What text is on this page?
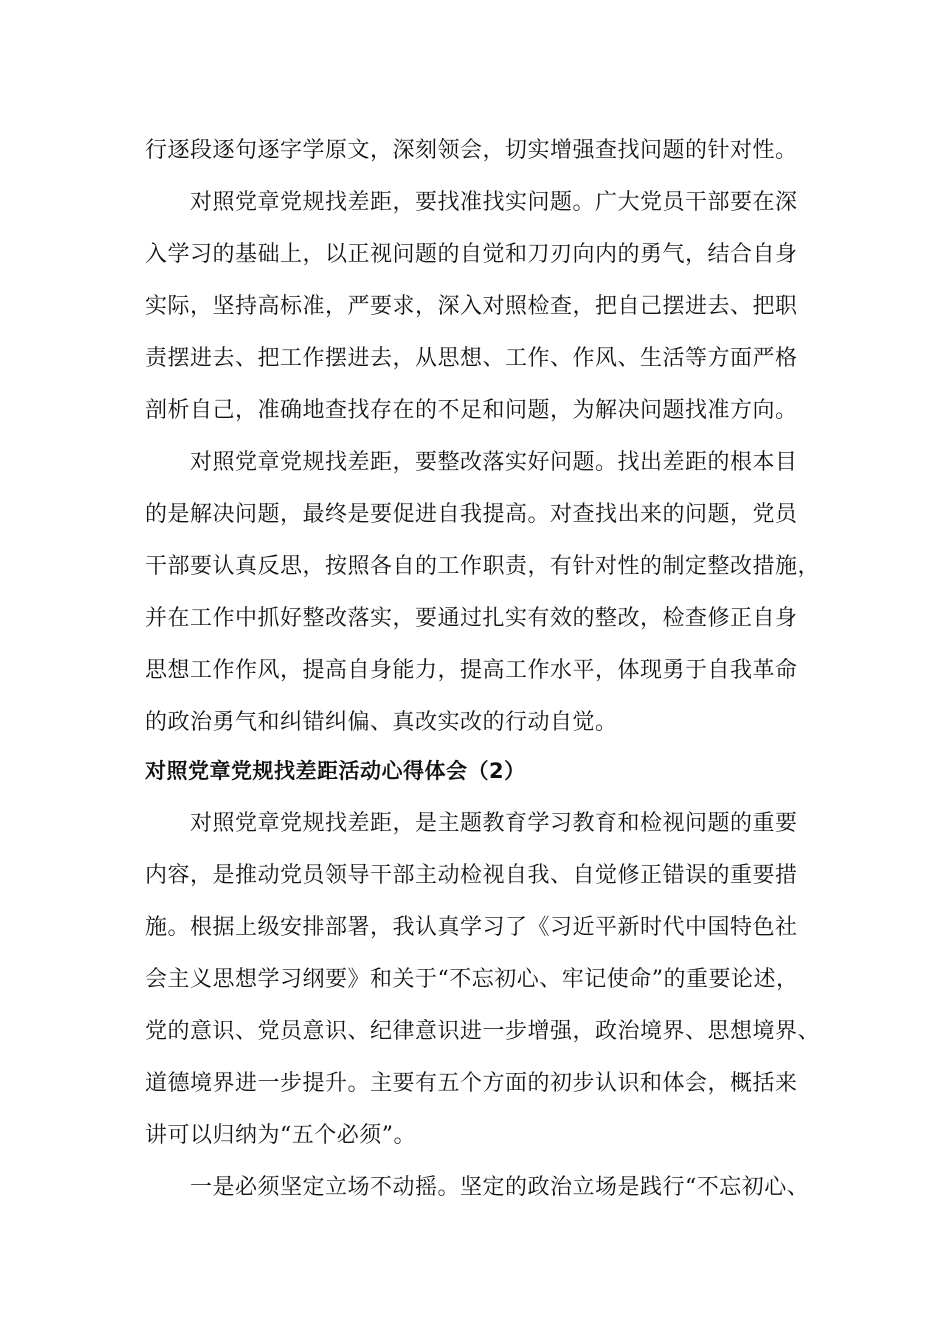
行逐段逐句逐字学原文，深刻领会，切实增强查找问题的针对性。
　　对照党章党规找差距，要找准找实问题。广大党员干部要在深
入学习的基础上，以正视问题的自觉和刀刃向内的勇气，结合自身
实际，坚持高标准，严要求，深入对照检查，把自己摆进去、把职
责摆进去、把工作摆进去，从思想、工作、作风、生活等方面严格
剖析自己，准确地查找存在的不足和问题，为解决问题找准方向。
　　对照党章党规找差距，要整改落实好问题。找出差距的根本目
的是解决问题，最终是要促进自我提高。对查找出来的问题，党员
干部要认真反思，按照各自的工作职责，有针对性的制定整改措施，
并在工作中抓好整改落实，要通过扎实有效的整改，检查修正自身
思想工作作风，提高自身能力，提高工作水平，体现勇于自我革命
的政治勇气和纠错纠偏、真改实改的行动自觉。
对照党章党规找差距活动心得体会（2）
　　对照党章党规找差距，是主题教育学习教育和检视问题的重要
内容，是推动党员领导干部主动检视自我、自觉修正错误的重要措
施。根据上级安排部署，我认真学习了《习近平新时代中国特色社
会主义思想学习纲要》和关于“不忘初心、牢记使命”的重要论述，
党的意识、党员意识、纪律意识进一步增强，政治境界、思想境界、
道德境界进一步提升。主要有五个方面的初步认识和体会，概括来
讲可以归纳为“五个必须”。
　　一是必须坚定立场不动摇。坚定的政治立场是践行“不忘初心、
